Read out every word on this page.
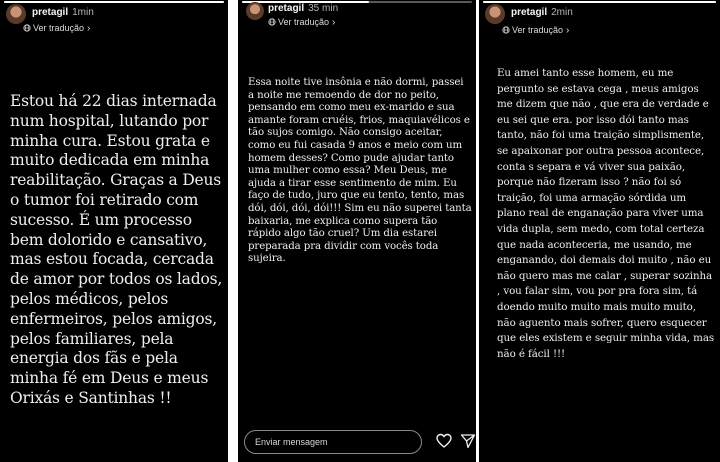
pretagil 1min
Ver tradução ›
Estou há 22 dias internada num hospital, lutando por minha cura. Estou grata e muito dedicada em minha reabilitação. Graças a Deus o tumor foi retirado com sucesso. É um processo bem dolorido e cansativo, mas estou focada, cercada de amor por todos os lados, pelos médicos, pelos enfermeiros, pelos amigos, pelos familiares, pela energia dos fãs e pela minha fé em Deus e meus Orixás e Santinhas !!
pretagil 35 min
Ver tradução ›
Essa noite tive insônia e não dormi, passei a noite me remoendo de dor no peito, pensando em como meu ex-marido e sua amante foram cruéis, frios, maquiavélicos e tão sujos comigo. Não consigo aceitar, como eu fui casada 9 anos e meio com um homem desses? Como pude ajudar tanto uma mulher como essa? Meu Deus, me ajuda a tirar esse sentimento de mim. Eu faço de tudo, juro que eu tento, tento, mas dói, dói, dói, dói!!! Sim eu não superei tanta baixaria, me explica como supera tão rápido algo tão cruel? Um dia estarei preparada pra dividir com vocês toda sujeira.
Enviar mensagem
pretagil 2min
Ver tradução ›
Eu amei tanto esse homem, eu me pergunto se estava cega , meus amigos me dizem que não , que era de verdade e eu sei que era. por isso dói tanto mas tanto, não foi uma traição simplismente, se apaixonar por outra pessoa acontece, conta s separa e vá viver sua paixão, porque não fizeram isso ? não foi só traição, foi uma armação sórdida um plano real de enganação para viver uma vida dupla, sem medo, com total certeza que nada aconteceria, me usando, me enganando, doi demais doi muito , não eu não quero mas me calar , superar sozinha , vou falar sim, vou por pra fora sim, tá doendo muito muito mais muito muito, não aguento mais sofrer, quero esquecer que eles existem e seguir minha vida, mas não é fácil !!!
